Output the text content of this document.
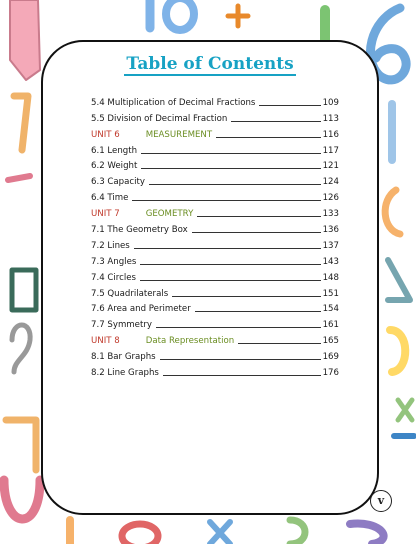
Table of Contents
5.4 Multiplication of Decimal Fractions	109
5.5 Division of Decimal Fraction	113
UNIT 6	MEASUREMENT	116
6.1 Length	117
6.2 Weight	121
6.3 Capacity	124
6.4 Time	126
UNIT 7	GEOMETRY	133
7.1 The Geometry Box	136
7.2 Lines	137
7.3 Angles	143
7.4 Circles	148
7.5 Quadrilaterals	151
7.6 Area and Perimeter	154
7.7 Symmetry	161
UNIT 8	Data Representation	165
8.1 Bar Graphs	169
8.2 Line Graphs	176
v
